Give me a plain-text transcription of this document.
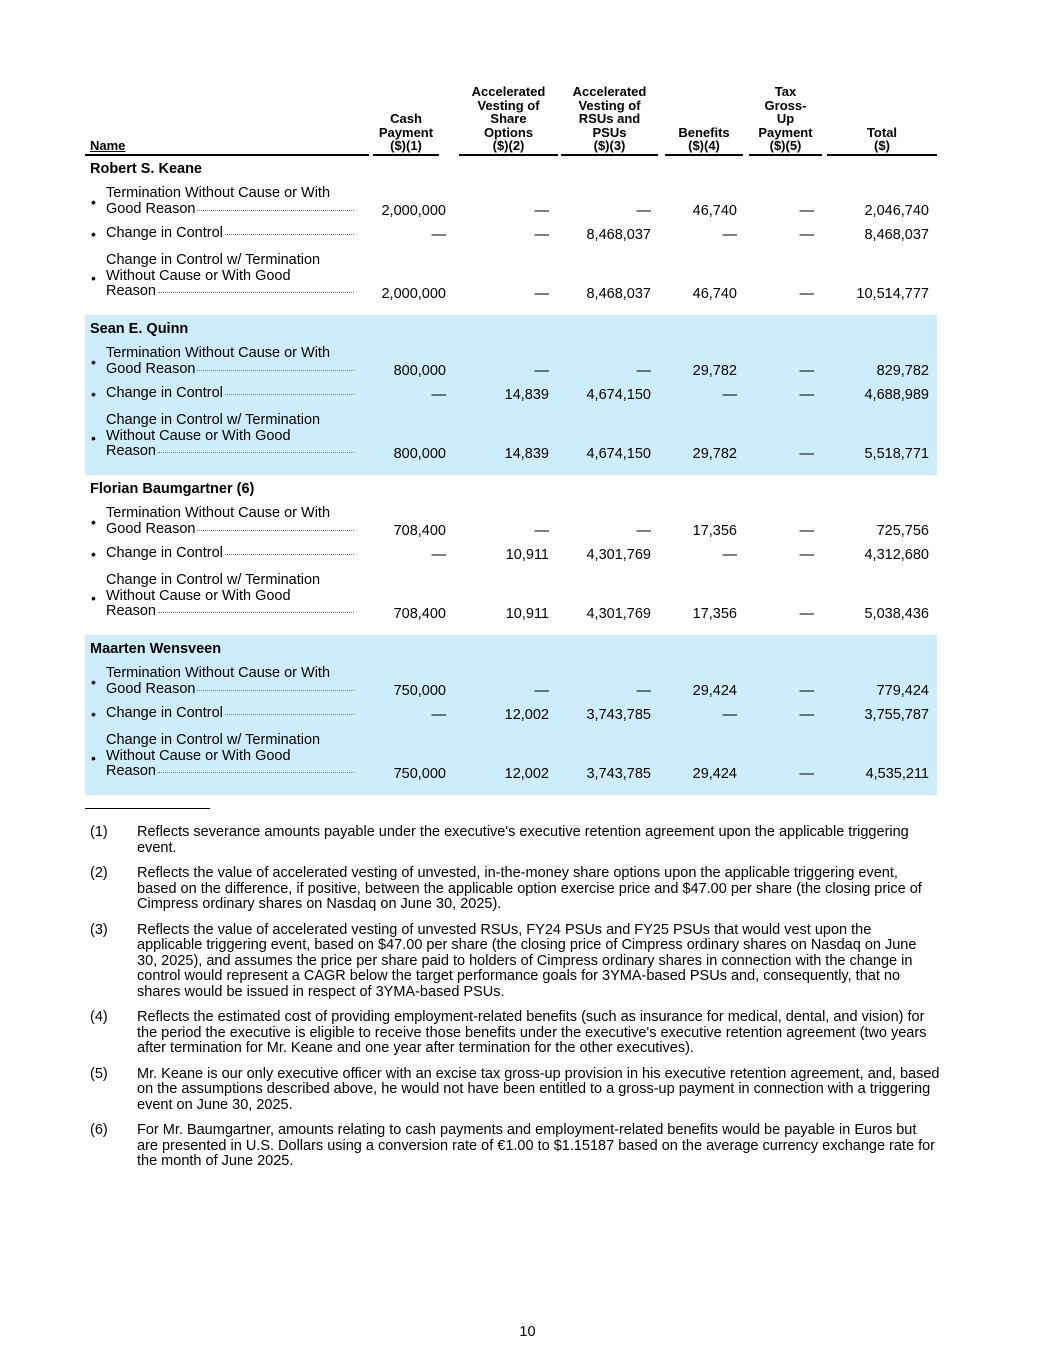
Name
Cash
Payment
($)(1)
Accelerated
Vesting of
Share
Options
($)(2)
Accelerated
Vesting of
RSUs and
PSUs
($)(3)
Benefits
($)(4)
Tax
Gross-
Up
Payment
($)(5)
Total
($)
Robert S. Keane
•
Termination Without Cause or With
Good Reason	2,000,000	—	—	46,740	—	2,046,740
• Change in Control	—	—	8,468,037	—	—	8,468,037
•
Change in Control w/ Termination
Without Cause or With Good
Reason	2,000,000	—	8,468,037	46,740	—	10,514,777
Sean E. Quinn
•
Termination Without Cause or With
Good Reason	800,000	—	—	29,782	—	829,782
• Change in Control	—	14,839	4,674,150	—	—	4,688,989
•
Change in Control w/ Termination
Without Cause or With Good
Reason	800,000	14,839	4,674,150	29,782	—	5,518,771
Florian Baumgartner (6)
•
Termination Without Cause or With
Good Reason	708,400	—	—	17,356	—	725,756
• Change in Control	—	10,911	4,301,769	—	—	4,312,680
•
Change in Control w/ Termination
Without Cause or With Good
Reason	708,400	10,911	4,301,769	17,356	—	5,038,436
Maarten Wensveen
•
Termination Without Cause or With
Good Reason	750,000	—	—	29,424	—	779,424
• Change in Control	—	12,002	3,743,785	—	—	3,755,787
•
Change in Control w/ Termination
Without Cause or With Good
Reason	750,000	12,002	3,743,785	29,424	—	4,535,211
(1) Reflects severance amounts payable under the executive's executive retention agreement upon the applicable triggering event.
(2) Reflects the value of accelerated vesting of unvested, in-the-money share options upon the applicable triggering event, based on the difference, if positive, between the applicable option exercise price and $47.00 per share (the closing price of Cimpress ordinary shares on Nasdaq on June 30, 2025).
(3) Reflects the value of accelerated vesting of unvested RSUs, FY24 PSUs and FY25 PSUs that would vest upon the applicable triggering event, based on $47.00 per share (the closing price of Cimpress ordinary shares on Nasdaq on June 30, 2025), and assumes the price per share paid to holders of Cimpress ordinary shares in connection with the change in control would represent a CAGR below the target performance goals for 3YMA-based PSUs and, consequently, that no shares would be issued in respect of 3YMA-based PSUs.
(4) Reflects the estimated cost of providing employment-related benefits (such as insurance for medical, dental, and vision) for the period the executive is eligible to receive those benefits under the executive's executive retention agreement (two years after termination for Mr. Keane and one year after termination for the other executives).
(5) Mr. Keane is our only executive officer with an excise tax gross-up provision in his executive retention agreement, and, based on the assumptions described above, he would not have been entitled to a gross-up payment in connection with a triggering event on June 30, 2025.
(6) For Mr. Baumgartner, amounts relating to cash payments and employment-related benefits would be payable in Euros but are presented in U.S. Dollars using a conversion rate of €1.00 to $1.15187 based on the average currency exchange rate for the month of June 2025.
10
